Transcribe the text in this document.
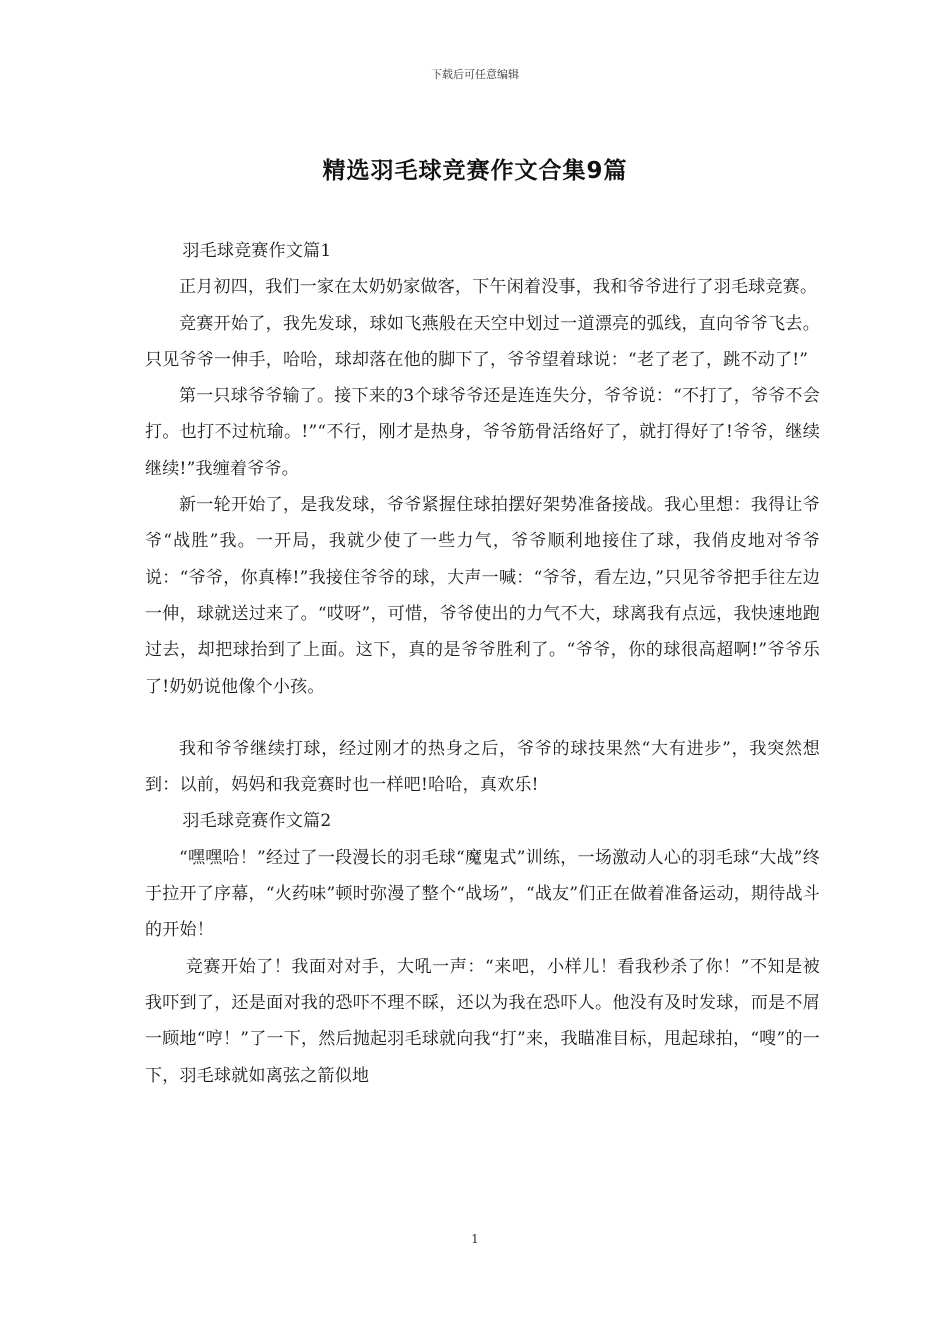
下载后可任意编辑
精选羽毛球竞赛作文合集9篇

羽毛球竞赛作文篇1

正月初四，我们一家在太奶奶家做客，下午闲着没事，我和爷爷进行了羽毛球竞赛。

竞赛开始了，我先发球，球如飞燕般在天空中划过一道漂亮的弧线，直向爷爷飞去。只见爷爷一伸手，哈哈，球却落在他的脚下了，爷爷望着球说：“老了老了，跳不动了!”

第一只球爷爷输了。接下来的3个球爷爷还是连连失分，爷爷说：“不打了，爷爷不会打。也打不过杭瑜。!”“不行，刚才是热身，爷爷筋骨活络好了，就打得好了!爷爷，继续继续!”我缠着爷爷。

新一轮开始了，是我发球，爷爷紧握住球拍摆好架势准备接战。我心里想：我得让爷爷“战胜”我。一开局，我就少使了一些力气，爷爷顺利地接住了球，我俏皮地对爷爷说：“爷爷，你真棒!”我接住爷爷的球，大声一喊：“爷爷，看左边，”只见爷爷把手往左边一伸，球就送过来了。“哎呀”，可惜，爷爷使出的力气不大，球离我有点远，我快速地跑过去，却把球抬到了上面。这下，真的是爷爷胜利了。“爷爷，你的球很高超啊!”爷爷乐了!奶奶说他像个小孩。

我和爷爷继续打球，经过刚才的热身之后，爷爷的球技果然“大有进步”，我突然想到：以前，妈妈和我竞赛时也一样吧!哈哈，真欢乐!

羽毛球竞赛作文篇2

“嘿嘿哈！”经过了一段漫长的羽毛球“魔鬼式”训练，一场激动人心的羽毛球“大战”终于拉开了序幕，“火药味”顿时弥漫了整个“战场”，“战友”们正在做着准备运动，期待战斗的开始！

竞赛开始了！我面对对手，大吼一声：“来吧，小样儿！看我秒杀了你！”不知是被我吓到了，还是面对我的恐吓不理不睬，还以为我在恐吓人。他没有及时发球，而是不屑一顾地“哼！”了一下，然后抛起羽毛球就向我“打”来，我瞄准目标，甩起球拍，“嗖”的一下，羽毛球就如离弦之箭似地

1
